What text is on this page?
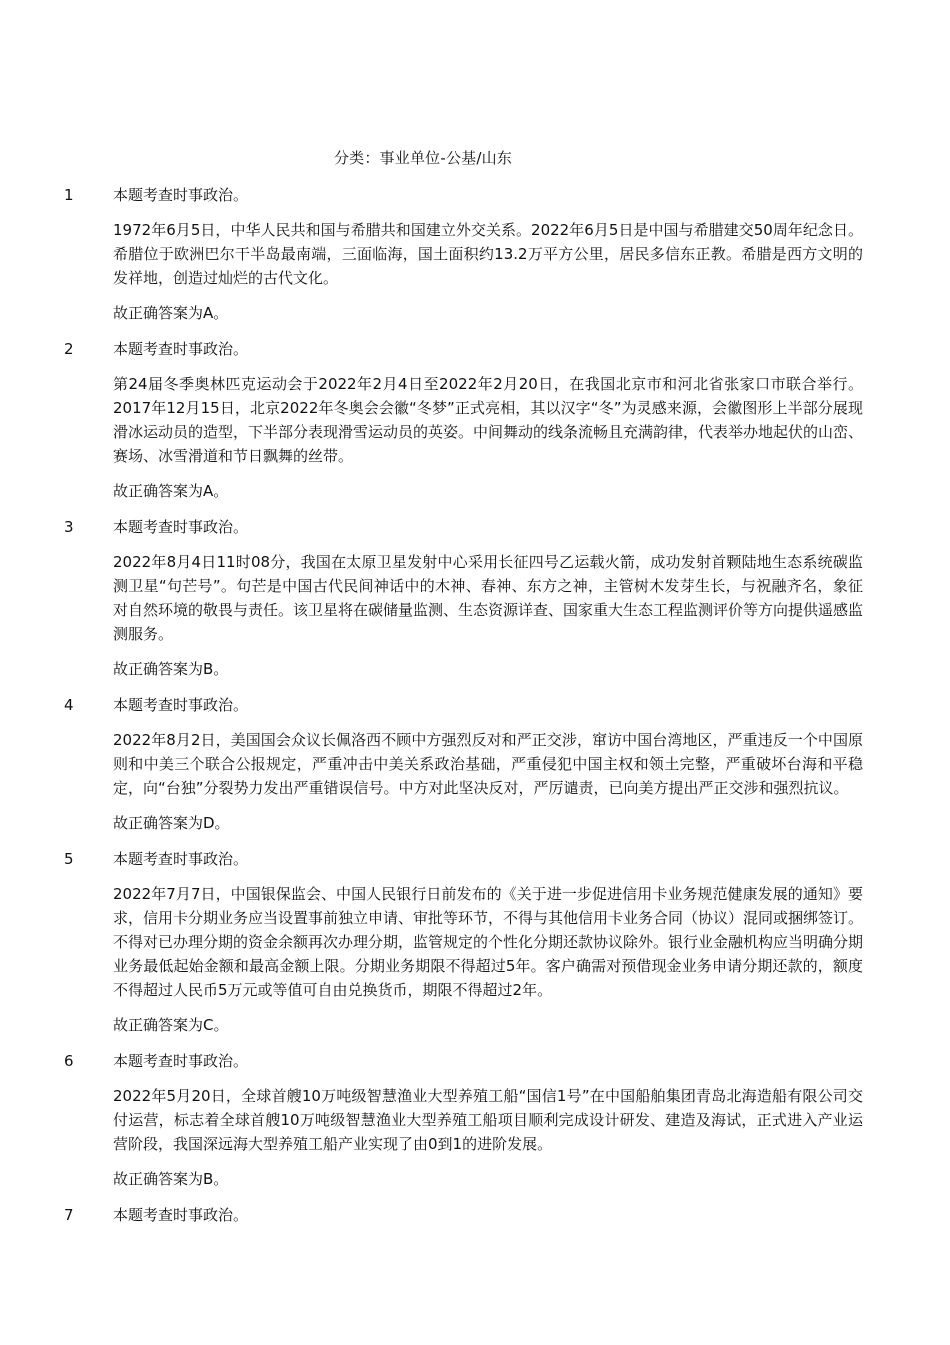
分类：事业单位-公基/山东
1	本题考查时事政治。
1972年6月5日，中华人民共和国与希腊共和国建立外交关系。2022年6月5日是中国与希腊建交50周年纪念日。希腊位于欧洲巴尔干半岛最南端，三面临海，国土面积约13.2万平方公里，居民多信东正教。希腊是西方文明的发祥地，创造过灿烂的古代文化。
故正确答案为A。
2	本题考查时事政治。
第24届冬季奥林匹克运动会于2022年2月4日至2022年2月20日，在我国北京市和河北省张家口市联合举行。2017年12月15日，北京2022年冬奥会会徽“冬梦”正式亮相，其以汉字“冬”为灵感来源，会徽图形上半部分展现滑冰运动员的造型，下半部分表现滑雪运动员的英姿。中间舞动的线条流畅且充满韵律，代表举办地起伏的山峦、赛场、冰雪滑道和节日飘舞的丝带。
故正确答案为A。
3	本题考查时事政治。
2022年8月4日11时08分，我国在太原卫星发射中心采用长征四号乙运载火箭，成功发射首颗陆地生态系统碳监测卫星“句芒号”。句芒是中国古代民间神话中的木神、春神、东方之神，主管树木发芽生长，与祝融齐名，象征对自然环境的敬畏与责任。该卫星将在碳储量监测、生态资源详查、国家重大生态工程监测评价等方向提供遥感监测服务。
故正确答案为B。
4	本题考查时事政治。
2022年8月2日，美国国会众议长佩洛西不顾中方强烈反对和严正交涉，窜访中国台湾地区，严重违反一个中国原则和中美三个联合公报规定，严重冲击中美关系政治基础，严重侵犯中国主权和领土完整，严重破坏台海和平稳定，向“台独”分裂势力发出严重错误信号。中方对此坚决反对，严厉谴责，已向美方提出严正交涉和强烈抗议。
故正确答案为D。
5	本题考查时事政治。
2022年7月7日，中国银保监会、中国人民银行日前发布的《关于进一步促进信用卡业务规范健康发展的通知》要求，信用卡分期业务应当设置事前独立申请、审批等环节，不得与其他信用卡业务合同（协议）混同或捆绑签订。不得对已办理分期的资金余额再次办理分期，监管规定的个性化分期还款协议除外。银行业金融机构应当明确分期业务最低起始金额和最高金额上限。分期业务期限不得超过5年。客户确需对预借现金业务申请分期还款的，额度不得超过人民币5万元或等值可自由兑换货币，期限不得超过2年。
故正确答案为C。
6	本题考查时事政治。
2022年5月20日，全球首艘10万吨级智慧渔业大型养殖工船“国信1号”在中国船舶集团青岛北海造船有限公司交付运营，标志着全球首艘10万吨级智慧渔业大型养殖工船项目顺利完成设计研发、建造及海试，正式进入产业运营阶段，我国深远海大型养殖工船产业实现了由0到1的进阶发展。
故正确答案为B。
7	本题考查时事政治。
